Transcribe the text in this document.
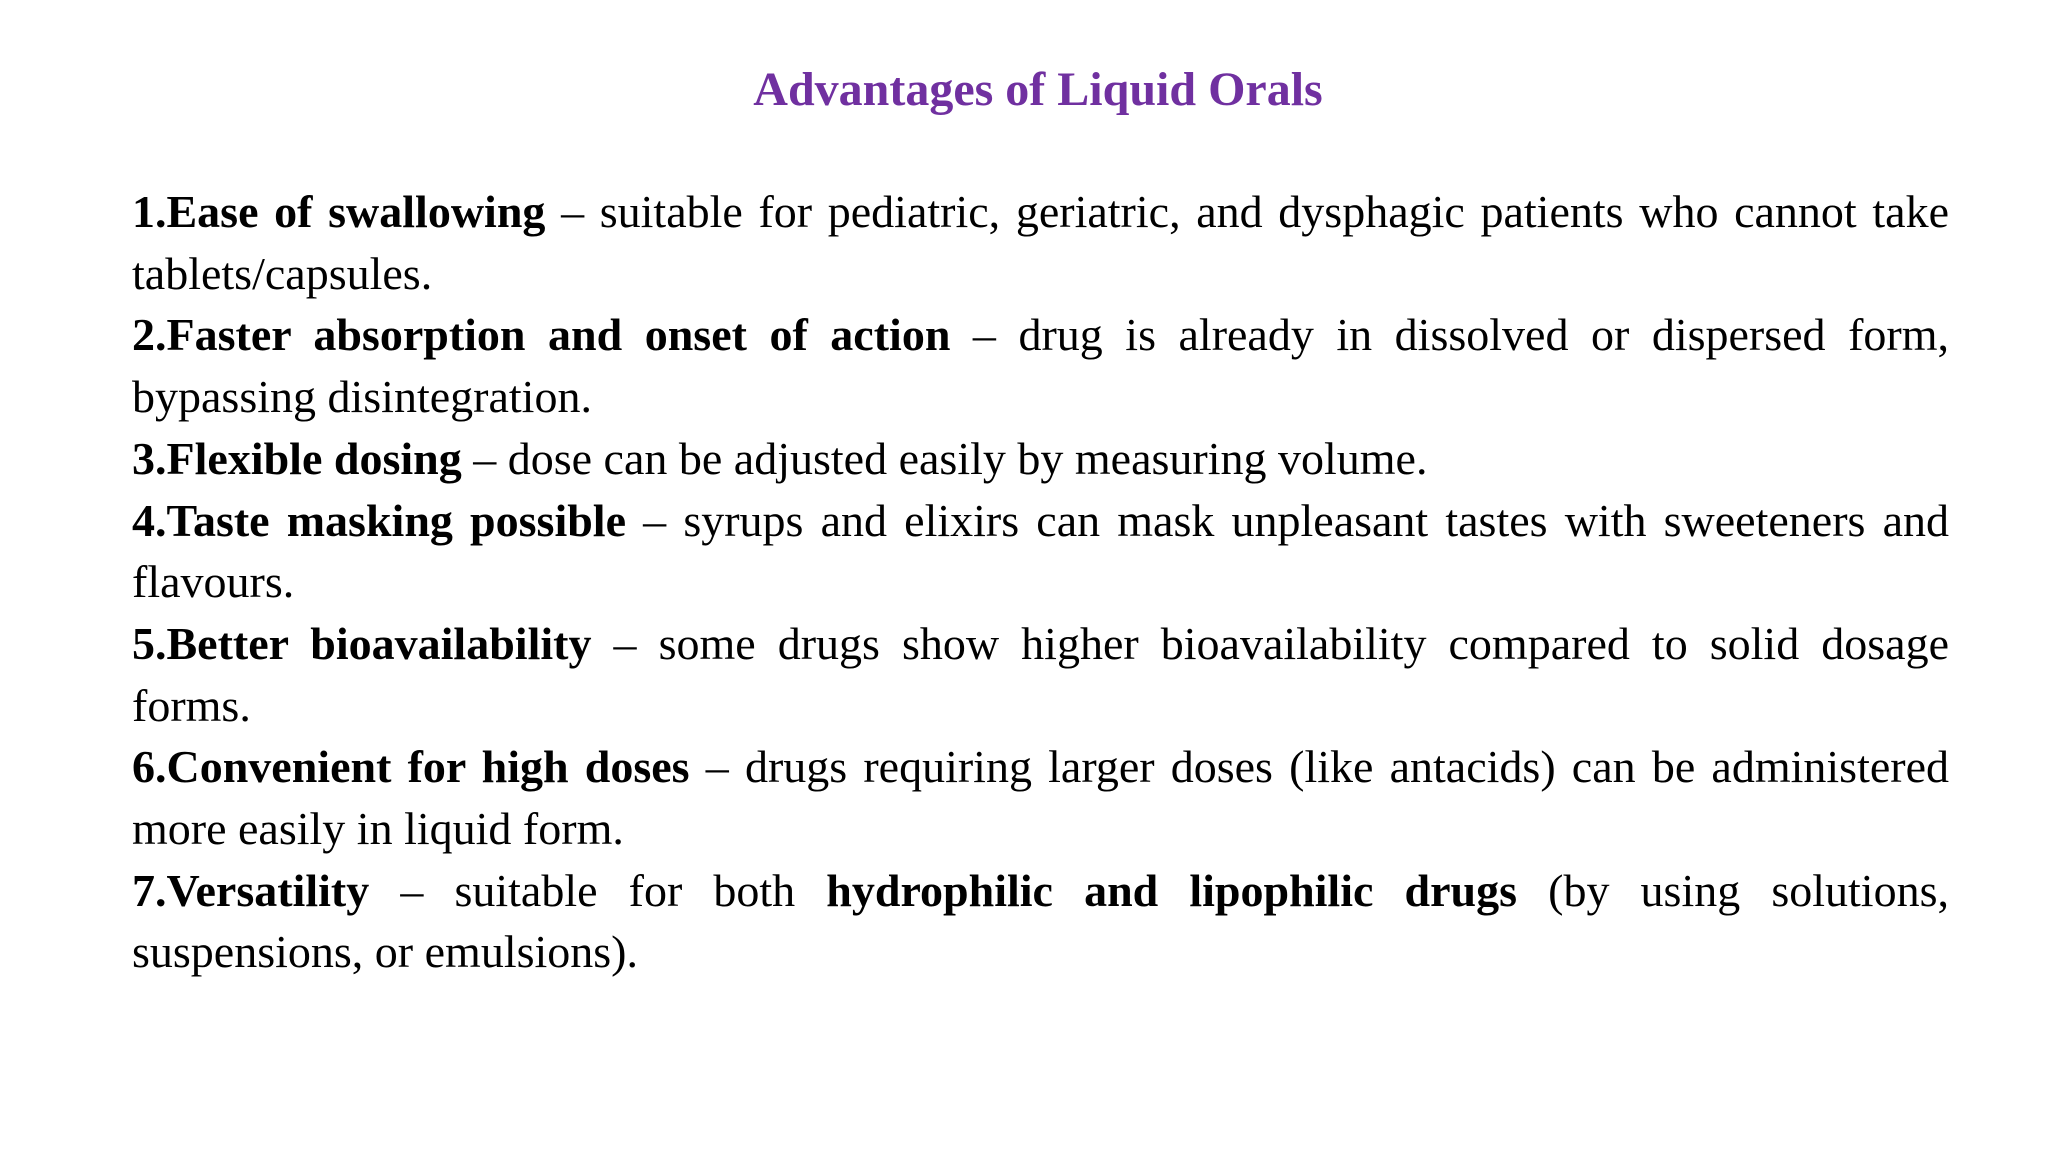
Advantages of Liquid Orals
1.Ease of swallowing – suitable for pediatric, geriatric, and dysphagic patients who cannot take tablets/capsules.
2.Faster absorption and onset of action – drug is already in dissolved or dispersed form, bypassing disintegration.
3.Flexible dosing – dose can be adjusted easily by measuring volume.
4.Taste masking possible – syrups and elixirs can mask unpleasant tastes with sweeteners and flavours.
5.Better bioavailability – some drugs show higher bioavailability compared to solid dosage forms.
6.Convenient for high doses – drugs requiring larger doses (like antacids) can be administered more easily in liquid form.
7.Versatility – suitable for both hydrophilic and lipophilic drugs (by using solutions, suspensions, or emulsions).
